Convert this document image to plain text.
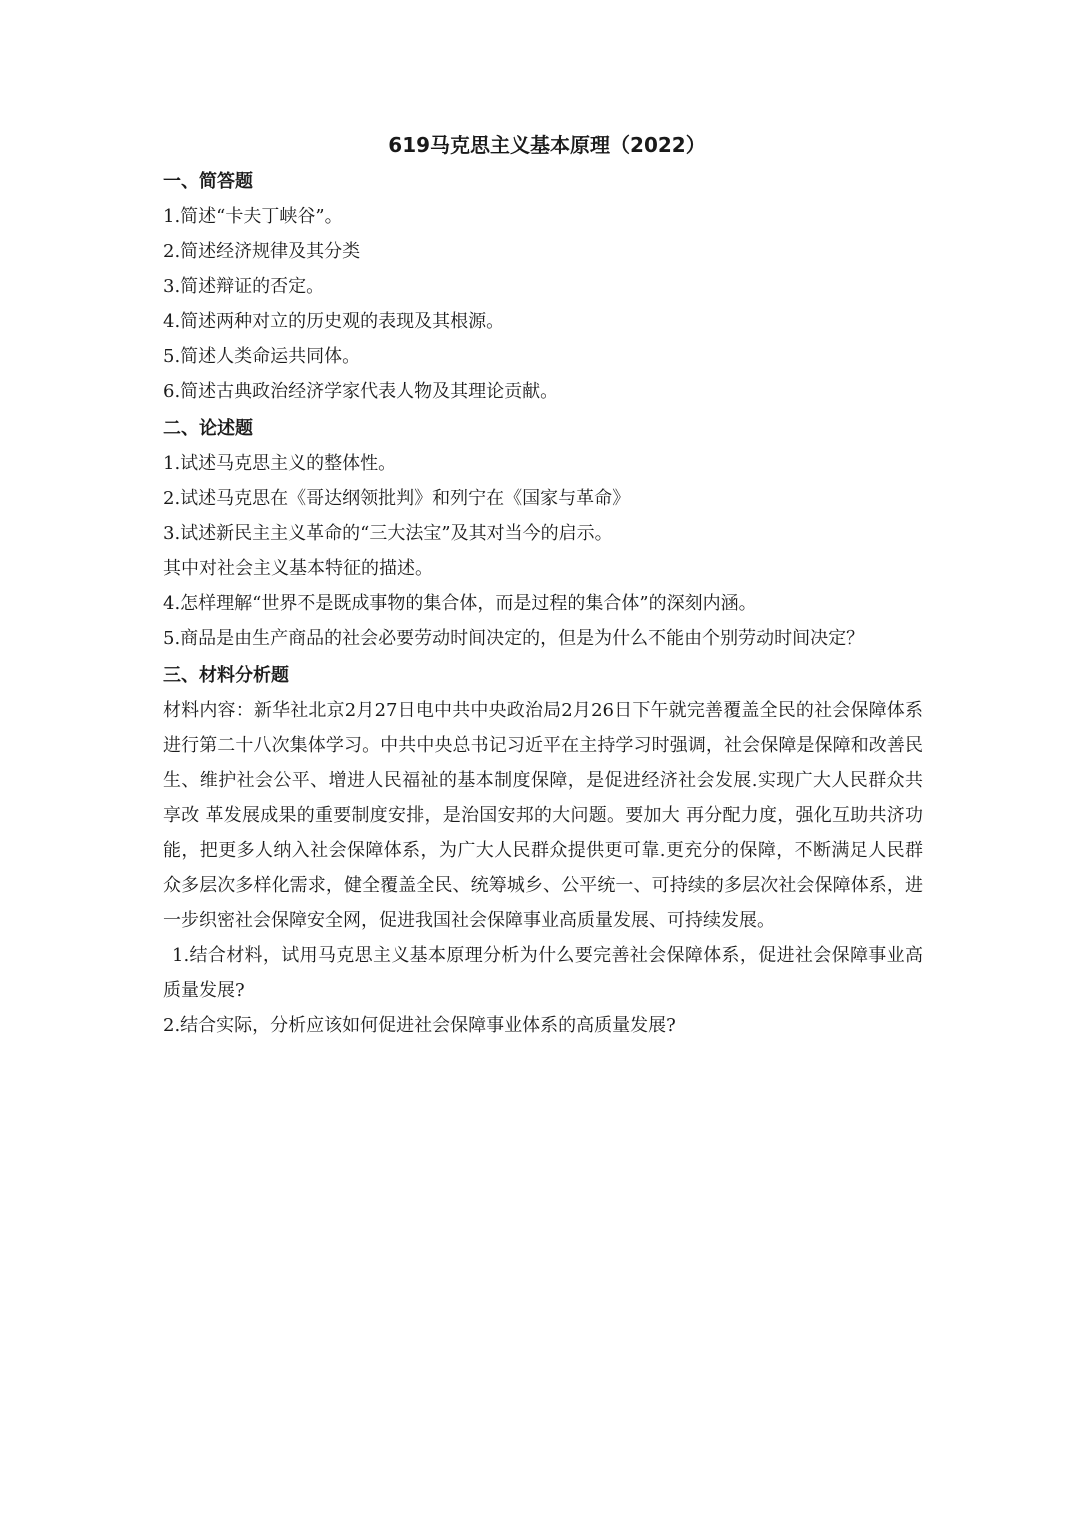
619马克思主义基本原理（2022）
一、简答题

1.简述“卡夫丁峡谷”。

2.简述经济规律及其分类

3.简述辩证的否定。

4.简述两种对立的历史观的表现及其根源。

5.简述人类命运共同体。

6.简述古典政治经济学家代表人物及其理论贡献。

二、论述题

1.试述马克思主义的整体性。

2.试述马克思在《哥达纲领批判》和列宁在《国家与革命》

3.试述新民主主义革命的“三大法宝”及其对当今的启示。

其中对社会主义基本特征的描述。

4.怎样理解“世界不是既成事物的集合体，而是过程的集合体”的深刻内涵。

5.商品是由生产商品的社会必要劳动时间决定的，但是为什么不能由个别劳动时间决定？

三、材料分析题

材料内容：新华社北京2月27日电中共中央政治局2月26日下午就完善覆盖全民的社会保障体系进行第二十八次集体学习。中共中央总书记习近平在主持学习时强调，社会保障是保障和改善民生、维护社会公平、增进人民福祉的基本制度保障，是促进经济社会发展.实现广大人民群众共享改 革发展成果的重要制度安排，是治国安邦的大问题。要加大 再分配力度，强化互助共济功能，把更多人纳入社会保障体系，为广大人民群众提供更可靠.更充分的保障，不断满足人民群众多层次多样化需求，健全覆盖全民、统筹城乡、公平统一、可持续的多层次社会保障体系，进一步织密社会保障安全网，促进我国社会保障事业高质量发展、可持续发展。

1.结合材料，试用马克思主义基本原理分析为什么要完善社会保障体系，促进社会保障事业高质量发展?

2.结合实际，分析应该如何促进社会保障事业体系的高质量发展?
